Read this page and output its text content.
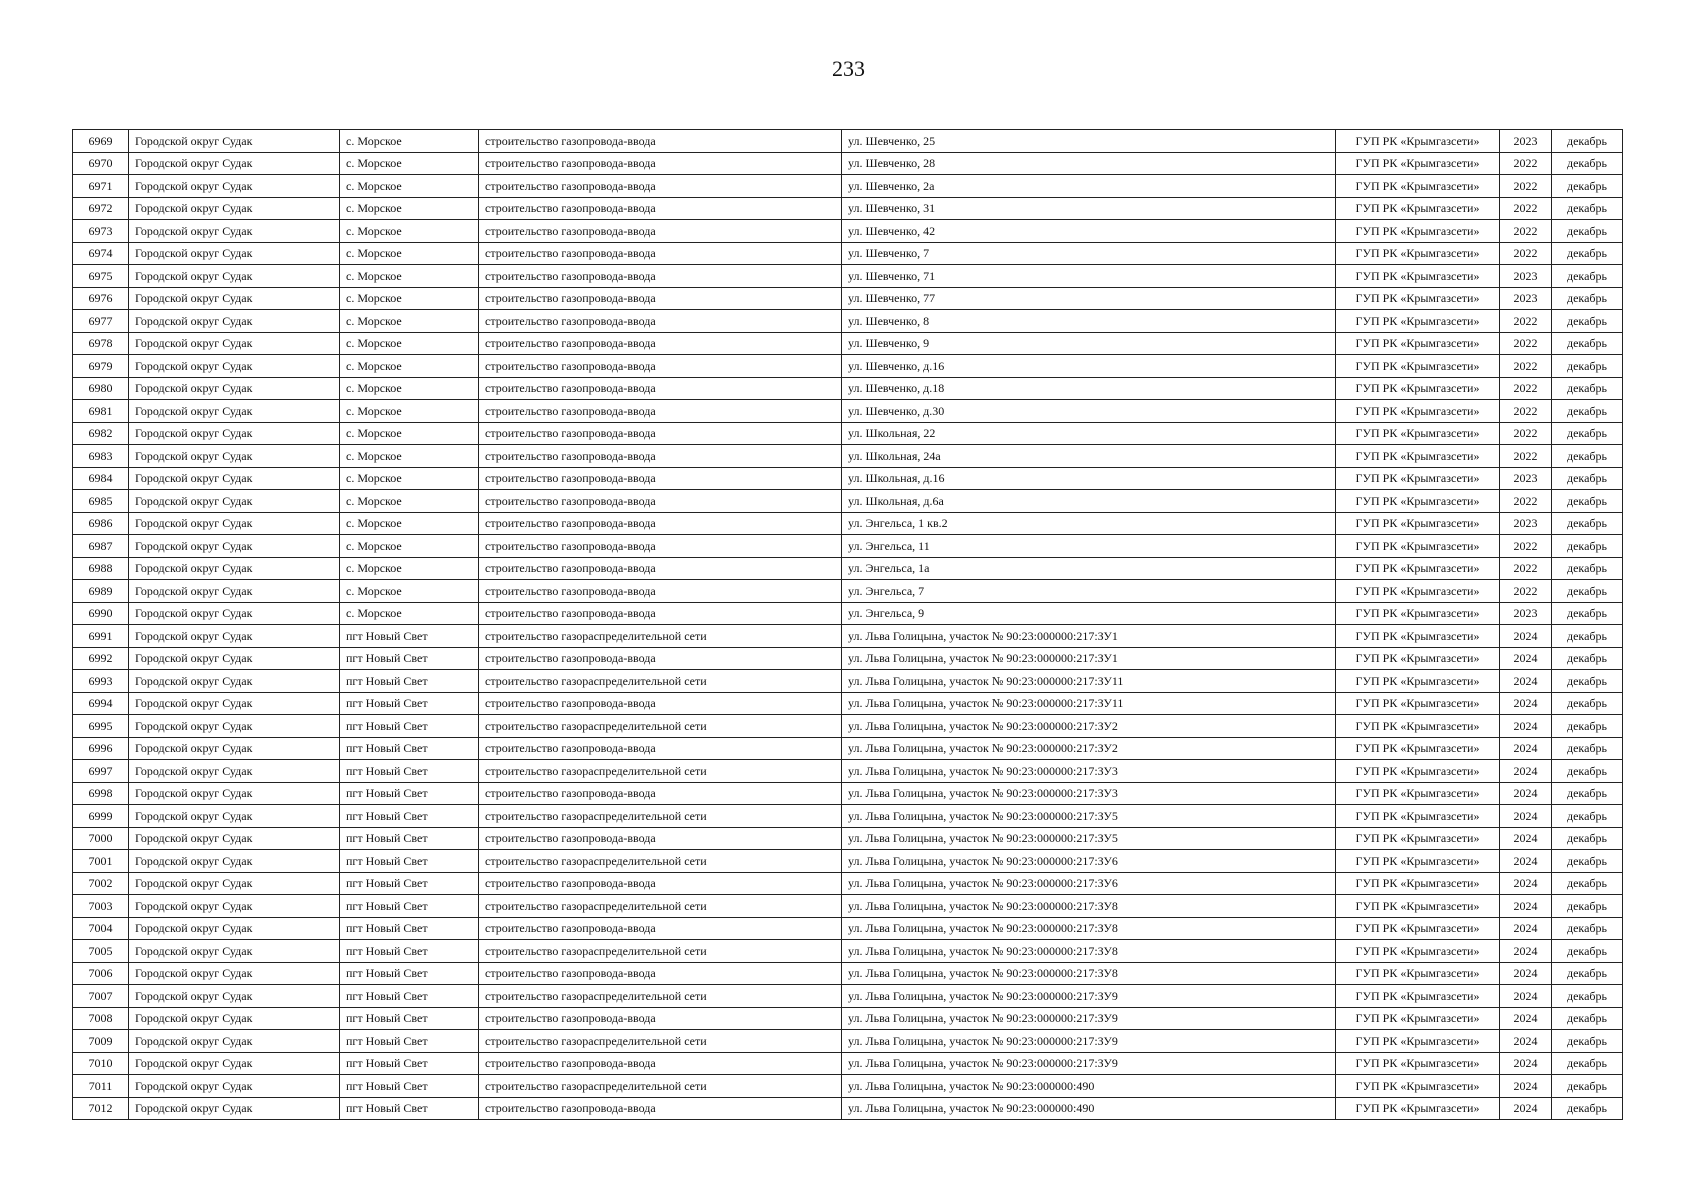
233
6969	Городской округ Судак	с. Морское	строительство газопровода-ввода	ул. Шевченко, 25	ГУП РК «Крымгазсети»	2023	декабрь
6970	Городской округ Судак	с. Морское	строительство газопровода-ввода	ул. Шевченко, 28	ГУП РК «Крымгазсети»	2022	декабрь
6971	Городской округ Судак	с. Морское	строительство газопровода-ввода	ул. Шевченко, 2а	ГУП РК «Крымгазсети»	2022	декабрь
6972	Городской округ Судак	с. Морское	строительство газопровода-ввода	ул. Шевченко, 31	ГУП РК «Крымгазсети»	2022	декабрь
6973	Городской округ Судак	с. Морское	строительство газопровода-ввода	ул. Шевченко, 42	ГУП РК «Крымгазсети»	2022	декабрь
6974	Городской округ Судак	с. Морское	строительство газопровода-ввода	ул. Шевченко, 7	ГУП РК «Крымгазсети»	2022	декабрь
6975	Городской округ Судак	с. Морское	строительство газопровода-ввода	ул. Шевченко, 71	ГУП РК «Крымгазсети»	2023	декабрь
6976	Городской округ Судак	с. Морское	строительство газопровода-ввода	ул. Шевченко, 77	ГУП РК «Крымгазсети»	2023	декабрь
6977	Городской округ Судак	с. Морское	строительство газопровода-ввода	ул. Шевченко, 8	ГУП РК «Крымгазсети»	2022	декабрь
6978	Городской округ Судак	с. Морское	строительство газопровода-ввода	ул. Шевченко, 9	ГУП РК «Крымгазсети»	2022	декабрь
6979	Городской округ Судак	с. Морское	строительство газопровода-ввода	ул. Шевченко, д.16	ГУП РК «Крымгазсети»	2022	декабрь
6980	Городской округ Судак	с. Морское	строительство газопровода-ввода	ул. Шевченко, д.18	ГУП РК «Крымгазсети»	2022	декабрь
6981	Городской округ Судак	с. Морское	строительство газопровода-ввода	ул. Шевченко, д.30	ГУП РК «Крымгазсети»	2022	декабрь
6982	Городской округ Судак	с. Морское	строительство газопровода-ввода	ул. Школьная, 22	ГУП РК «Крымгазсети»	2022	декабрь
6983	Городской округ Судак	с. Морское	строительство газопровода-ввода	ул. Школьная, 24а	ГУП РК «Крымгазсети»	2022	декабрь
6984	Городской округ Судак	с. Морское	строительство газопровода-ввода	ул. Школьная, д.16	ГУП РК «Крымгазсети»	2023	декабрь
6985	Городской округ Судак	с. Морское	строительство газопровода-ввода	ул. Школьная, д.6а	ГУП РК «Крымгазсети»	2022	декабрь
6986	Городской округ Судак	с. Морское	строительство газопровода-ввода	ул. Энгельса, 1 кв.2	ГУП РК «Крымгазсети»	2023	декабрь
6987	Городской округ Судак	с. Морское	строительство газопровода-ввода	ул. Энгельса, 11	ГУП РК «Крымгазсети»	2022	декабрь
6988	Городской округ Судак	с. Морское	строительство газопровода-ввода	ул. Энгельса, 1а	ГУП РК «Крымгазсети»	2022	декабрь
6989	Городской округ Судак	с. Морское	строительство газопровода-ввода	ул. Энгельса, 7	ГУП РК «Крымгазсети»	2022	декабрь
6990	Городской округ Судак	с. Морское	строительство газопровода-ввода	ул. Энгельса, 9	ГУП РК «Крымгазсети»	2023	декабрь
6991	Городской округ Судак	пгт Новый Свет	строительство газораспределительной сети	ул. Льва Голицына, участок № 90:23:000000:217:ЗУ1	ГУП РК «Крымгазсети»	2024	декабрь
6992	Городской округ Судак	пгт Новый Свет	строительство газопровода-ввода	ул. Льва Голицына, участок № 90:23:000000:217:ЗУ1	ГУП РК «Крымгазсети»	2024	декабрь
6993	Городской округ Судак	пгт Новый Свет	строительство газораспределительной сети	ул. Льва Голицына, участок № 90:23:000000:217:ЗУ11	ГУП РК «Крымгазсети»	2024	декабрь
6994	Городской округ Судак	пгт Новый Свет	строительство газопровода-ввода	ул. Льва Голицына, участок № 90:23:000000:217:ЗУ11	ГУП РК «Крымгазсети»	2024	декабрь
6995	Городской округ Судак	пгт Новый Свет	строительство газораспределительной сети	ул. Льва Голицына, участок № 90:23:000000:217:ЗУ2	ГУП РК «Крымгазсети»	2024	декабрь
6996	Городской округ Судак	пгт Новый Свет	строительство газопровода-ввода	ул. Льва Голицына, участок № 90:23:000000:217:ЗУ2	ГУП РК «Крымгазсети»	2024	декабрь
6997	Городской округ Судак	пгт Новый Свет	строительство газораспределительной сети	ул. Льва Голицына, участок № 90:23:000000:217:ЗУ3	ГУП РК «Крымгазсети»	2024	декабрь
6998	Городской округ Судак	пгт Новый Свет	строительство газопровода-ввода	ул. Льва Голицына, участок № 90:23:000000:217:ЗУ3	ГУП РК «Крымгазсети»	2024	декабрь
6999	Городской округ Судак	пгт Новый Свет	строительство газораспределительной сети	ул. Льва Голицына, участок № 90:23:000000:217:ЗУ5	ГУП РК «Крымгазсети»	2024	декабрь
7000	Городской округ Судак	пгт Новый Свет	строительство газопровода-ввода	ул. Льва Голицына, участок № 90:23:000000:217:ЗУ5	ГУП РК «Крымгазсети»	2024	декабрь
7001	Городской округ Судак	пгт Новый Свет	строительство газораспределительной сети	ул. Льва Голицына, участок № 90:23:000000:217:ЗУ6	ГУП РК «Крымгазсети»	2024	декабрь
7002	Городской округ Судак	пгт Новый Свет	строительство газопровода-ввода	ул. Льва Голицына, участок № 90:23:000000:217:ЗУ6	ГУП РК «Крымгазсети»	2024	декабрь
7003	Городской округ Судак	пгт Новый Свет	строительство газораспределительной сети	ул. Льва Голицына, участок № 90:23:000000:217:ЗУ8	ГУП РК «Крымгазсети»	2024	декабрь
7004	Городской округ Судак	пгт Новый Свет	строительство газопровода-ввода	ул. Льва Голицына, участок № 90:23:000000:217:ЗУ8	ГУП РК «Крымгазсети»	2024	декабрь
7005	Городской округ Судак	пгт Новый Свет	строительство газораспределительной сети	ул. Льва Голицына, участок № 90:23:000000:217:ЗУ8	ГУП РК «Крымгазсети»	2024	декабрь
7006	Городской округ Судак	пгт Новый Свет	строительство газопровода-ввода	ул. Льва Голицына, участок № 90:23:000000:217:ЗУ8	ГУП РК «Крымгазсети»	2024	декабрь
7007	Городской округ Судак	пгт Новый Свет	строительство газораспределительной сети	ул. Льва Голицына, участок № 90:23:000000:217:ЗУ9	ГУП РК «Крымгазсети»	2024	декабрь
7008	Городской округ Судак	пгт Новый Свет	строительство газопровода-ввода	ул. Льва Голицына, участок № 90:23:000000:217:ЗУ9	ГУП РК «Крымгазсети»	2024	декабрь
7009	Городской округ Судак	пгт Новый Свет	строительство газораспределительной сети	ул. Льва Голицына, участок № 90:23:000000:217:ЗУ9	ГУП РК «Крымгазсети»	2024	декабрь
7010	Городской округ Судак	пгт Новый Свет	строительство газопровода-ввода	ул. Льва Голицына, участок № 90:23:000000:217:ЗУ9	ГУП РК «Крымгазсети»	2024	декабрь
7011	Городской округ Судак	пгт Новый Свет	строительство газораспределительной сети	ул. Льва Голицына, участок № 90:23:000000:490	ГУП РК «Крымгазсети»	2024	декабрь
7012	Городской округ Судак	пгт Новый Свет	строительство газопровода-ввода	ул. Льва Голицына, участок № 90:23:000000:490	ГУП РК «Крымгазсети»	2024	декабрь
